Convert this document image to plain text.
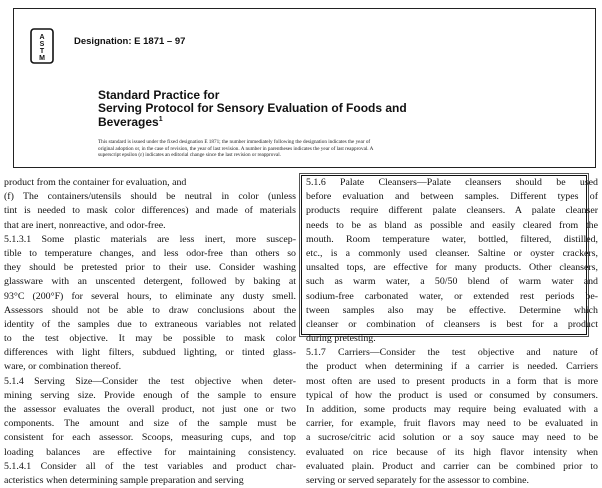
A
S
T
M
Designation: E 1871 – 97
Standard Practice for
Serving Protocol for Sensory Evaluation of Foods and
Beverages$^1$
This standard is issued under the fixed designation E 1871; the number immediately following the designation indicates the year of
original adoption or, in the case of revision, the year of last revision. A number in parentheses indicates the year of last reapproval. A
superscript epsilon (ε) indicates an editorial change since the last revision or reapproval.
product from the container for evaluation, and
(f) The containers/utensils should be neutral in color (unless
tint is needed to mask color differences) and made of materials
that are inert, nonreactive, and odor-free.
5.1.3.1 Some plastic materials are less inert, more suscep-
tible to temperature changes, and less odor-free than others so
they should be pretested prior to their use. Consider washing
glassware with an unscented detergent, followed by baking at
93°C (200°F) for several hours, to eliminate any dusty smell.
Assessors should not be able to draw conclusions about the
identity of the samples due to extraneous variables not related
to the test objective. It may be possible to mask color
differences with light filters, subdued lighting, or tinted glass-
ware, or combination thereof.
5.1.4 Serving Size—Consider the test objective when deter-
mining serving size. Provide enough of the sample to ensure
the assessor evaluates the overall product, not just one or two
components. The amount and size of the sample must be
consistent for each assessor. Scoops, measuring cups, and top
loading balances are effective for maintaining consistency.
5.1.4.1 Consider all of the test variables and product char-
acteristics when determining sample preparation and serving
5.1.6 Palate Cleansers—Palate cleansers should be used
before evaluation and between samples. Different types of
products require different palate cleansers. A palate cleanser
needs to be as bland as possible and easily cleared from the
mouth. Room temperature water, bottled, filtered, distilled,
etc., is a commonly used cleanser. Saltine or oyster crackers,
unsalted tops, are effective for many products. Other cleansers,
such as warm water, a 50/50 blend of warm water and
sodium-free carbonated water, or extended rest periods be-
tween samples also may be effective. Determine which
cleanser or combination of cleansers is best for a product
during pretesting.
5.1.7 Carriers—Consider the test objective and nature of
the product when determining if a carrier is needed. Carriers
most often are used to present products in a form that is more
typical of how the product is used or consumed by consumers.
In addition, some products may require being evaluated with a
carrier, for example, fruit flavors may need to be evaluated in
a sucrose/citric acid solution or a soy sauce may need to be
evaluated on rice because of its high flavor intensity when
evaluated plain. Product and carrier can be combined prior to
serving or served separately for the assessor to combine.
